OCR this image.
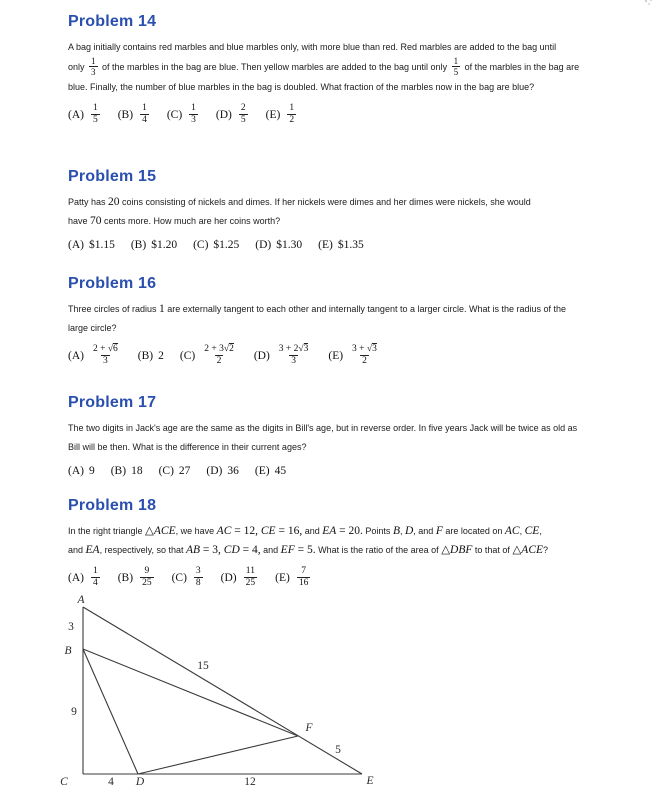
Problem 14
A bag initially contains red marbles and blue marbles only, with more blue than red. Red marbles are added to the bag until
only $\frac{1}{3}$ of the marbles in the bag are blue. Then yellow marbles are added to the bag until only $\frac{1}{5}$ of the marbles in the bag are
blue. Finally, the number of blue marbles in the bag is doubled. What fraction of the marbles now in the bag are blue?
$(A) \frac{1}{5} (B) \frac{1}{4} (C) \frac{1}{3} (D) \frac{2}{5} (E) \frac{1}{2}$
Problem 15
Patty has 20 coins consisting of nickels and dimes. If her nickels were dimes and her dimes were nickels, she would
have 70 cents more. How much are her coins worth?
(A) $1.15 (B) $1.20 (C) $1.25 (D) $1.30 (E) $1.35
Problem 16
Three circles of radius 1 are externally tangent to each other and internally tangent to a larger circle. What is the radius of the
large circle?
$(A) \frac{2 + √6}{3} (B)$ 2 $(C) \frac{2 + 3√2}{2} (D) \frac{3 + 2√3}{3} (E) \frac{3 + √3}{2}$
Problem 17
The two digits in Jack's age are the same as the digits in Bill's age, but in reverse order. In five years Jack will be twice as old as
Bill will be then. What is the difference in their current ages?
(A) 9 (B) 18 (C) 27 (D) 36 (E) 45
Problem 18
In the right triangle △ACE, we have AC = 12, CE = 16, and EA = 20. Points B, D, and F are located on AC, CE,
and EA, respectively, so that AB = 3, CD = 4, and EF = 5. What is the ratio of the area of △DBF to that of △ACE?
$(A) \frac{1}{4} (B) \frac{9}{25} (C) \frac{3}{8} (D) \frac{11}{25} (E) \frac{7}{16}$
A
3
B
9
C	4 D	12	E
F
5
15
